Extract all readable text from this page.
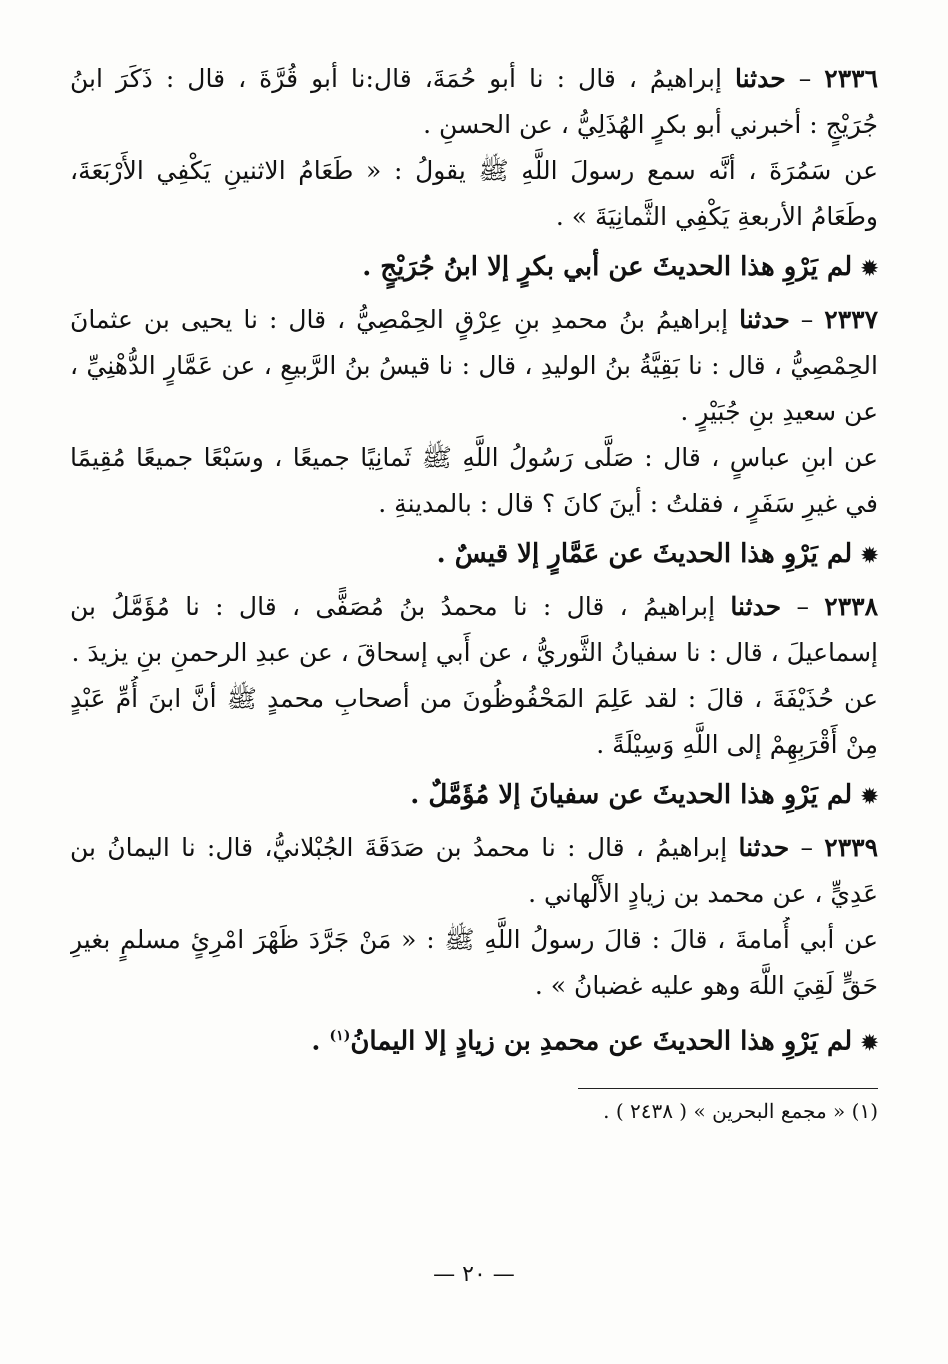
٢٣٣٦ – حدثنا إبراهيمُ ، قال : نا أبو حُمَةَ، قال:نا أبو قُرَّةَ ، قال : ذَكَرَ ابنُ
جُرَيْجٍ : أخبرني أبو بكرٍ الهُذَلِيُّ ، عن الحسنِ .
عن سَمُرَةَ ، أنَّه سمع رسولَ اللَّهِ ﷺ يقولُ : « طَعَامُ الاثنينِ يَكْفِي الأَرْبَعَةَ،
وطَعَامُ الأربعةِ يَكْفِي الثَّمانِيَةَ » .
✹ لم يَرْوِ هذا الحديثَ عن أبي بكرٍ إلا ابنُ جُرَيْجٍ .
٢٣٣٧ – حدثنا إبراهيمُ بنُ محمدِ بنِ عِرْقٍ الحِمْصِيُّ ، قال : نا يحيى بن عثمانَ
الحِمْصِيُّ ، قال : نا بَقِيَّةُ بنُ الوليدِ ، قال : نا قيسُ بنُ الرَّبيعِ ، عن عَمَّارٍ الدُّهْنِيِّ ،
عن سعيدِ بنِ جُبَيْرٍ .
عن ابنِ عباسٍ ، قال : صَلَّى رَسُولُ اللَّهِ ﷺ ثَمانِيًا جميعًا ، وسَبْعًا جميعًا مُقِيمًا
في غيرِ سَفَرٍ ، فقلتُ : أينَ كانَ ؟ قال : بالمدينةِ .
✹ لم يَرْوِ هذا الحديثَ عن عَمَّارٍ إلا قيسٌ .
٢٣٣٨ – حدثنا إبراهيمُ ، قال : نا محمدُ بنُ مُصَفًّى ، قال : نا مُؤَمَّلُ بن
إسماعيلَ ، قال : نا سفيانُ الثَّوريُّ ، عن أَبي إسحاقَ ، عن عبدِ الرحمنِ بنِ يزيدَ .
عن حُذَيْفَةَ ، قالَ : لقد عَلِمَ المَحْفُوظُونَ من أصحابِ محمدٍ ﷺ أنَّ ابنَ أُمِّ عَبْدٍ
مِنْ أَقْرَبِهِمْ إلى اللَّهِ وَسِيْلَةً .
✹ لم يَرْوِ هذا الحديثَ عن سفيانَ إلا مُؤَمَّلٌ .
٢٣٣٩ – حدثنا إبراهيمُ ، قال : نا محمدُ بن صَدَقَةَ الجُبْلانيُّ، قال: نا اليمانُ بن
عَدِيٍّ ، عن محمد بن زيادٍ الأَلْهاني .
عن أبي أُمامةَ ، قالَ : قالَ رسولُ اللَّهِ ﷺ : « مَنْ جَرَّدَ ظَهْرَ امْرِئٍ مسلمٍ بغيرِ
حَقٍّ لَقِيَ اللَّهَ وهو عليه غضبانُ » .
✹ لم يَرْوِ هذا الحديثَ عن محمدِ بن زيادٍ إلا اليمانُ$^{(١)}$ .
(١) « مجمع البحرين » ( ٢٤٣٨ ) .
— ٢٠ —
